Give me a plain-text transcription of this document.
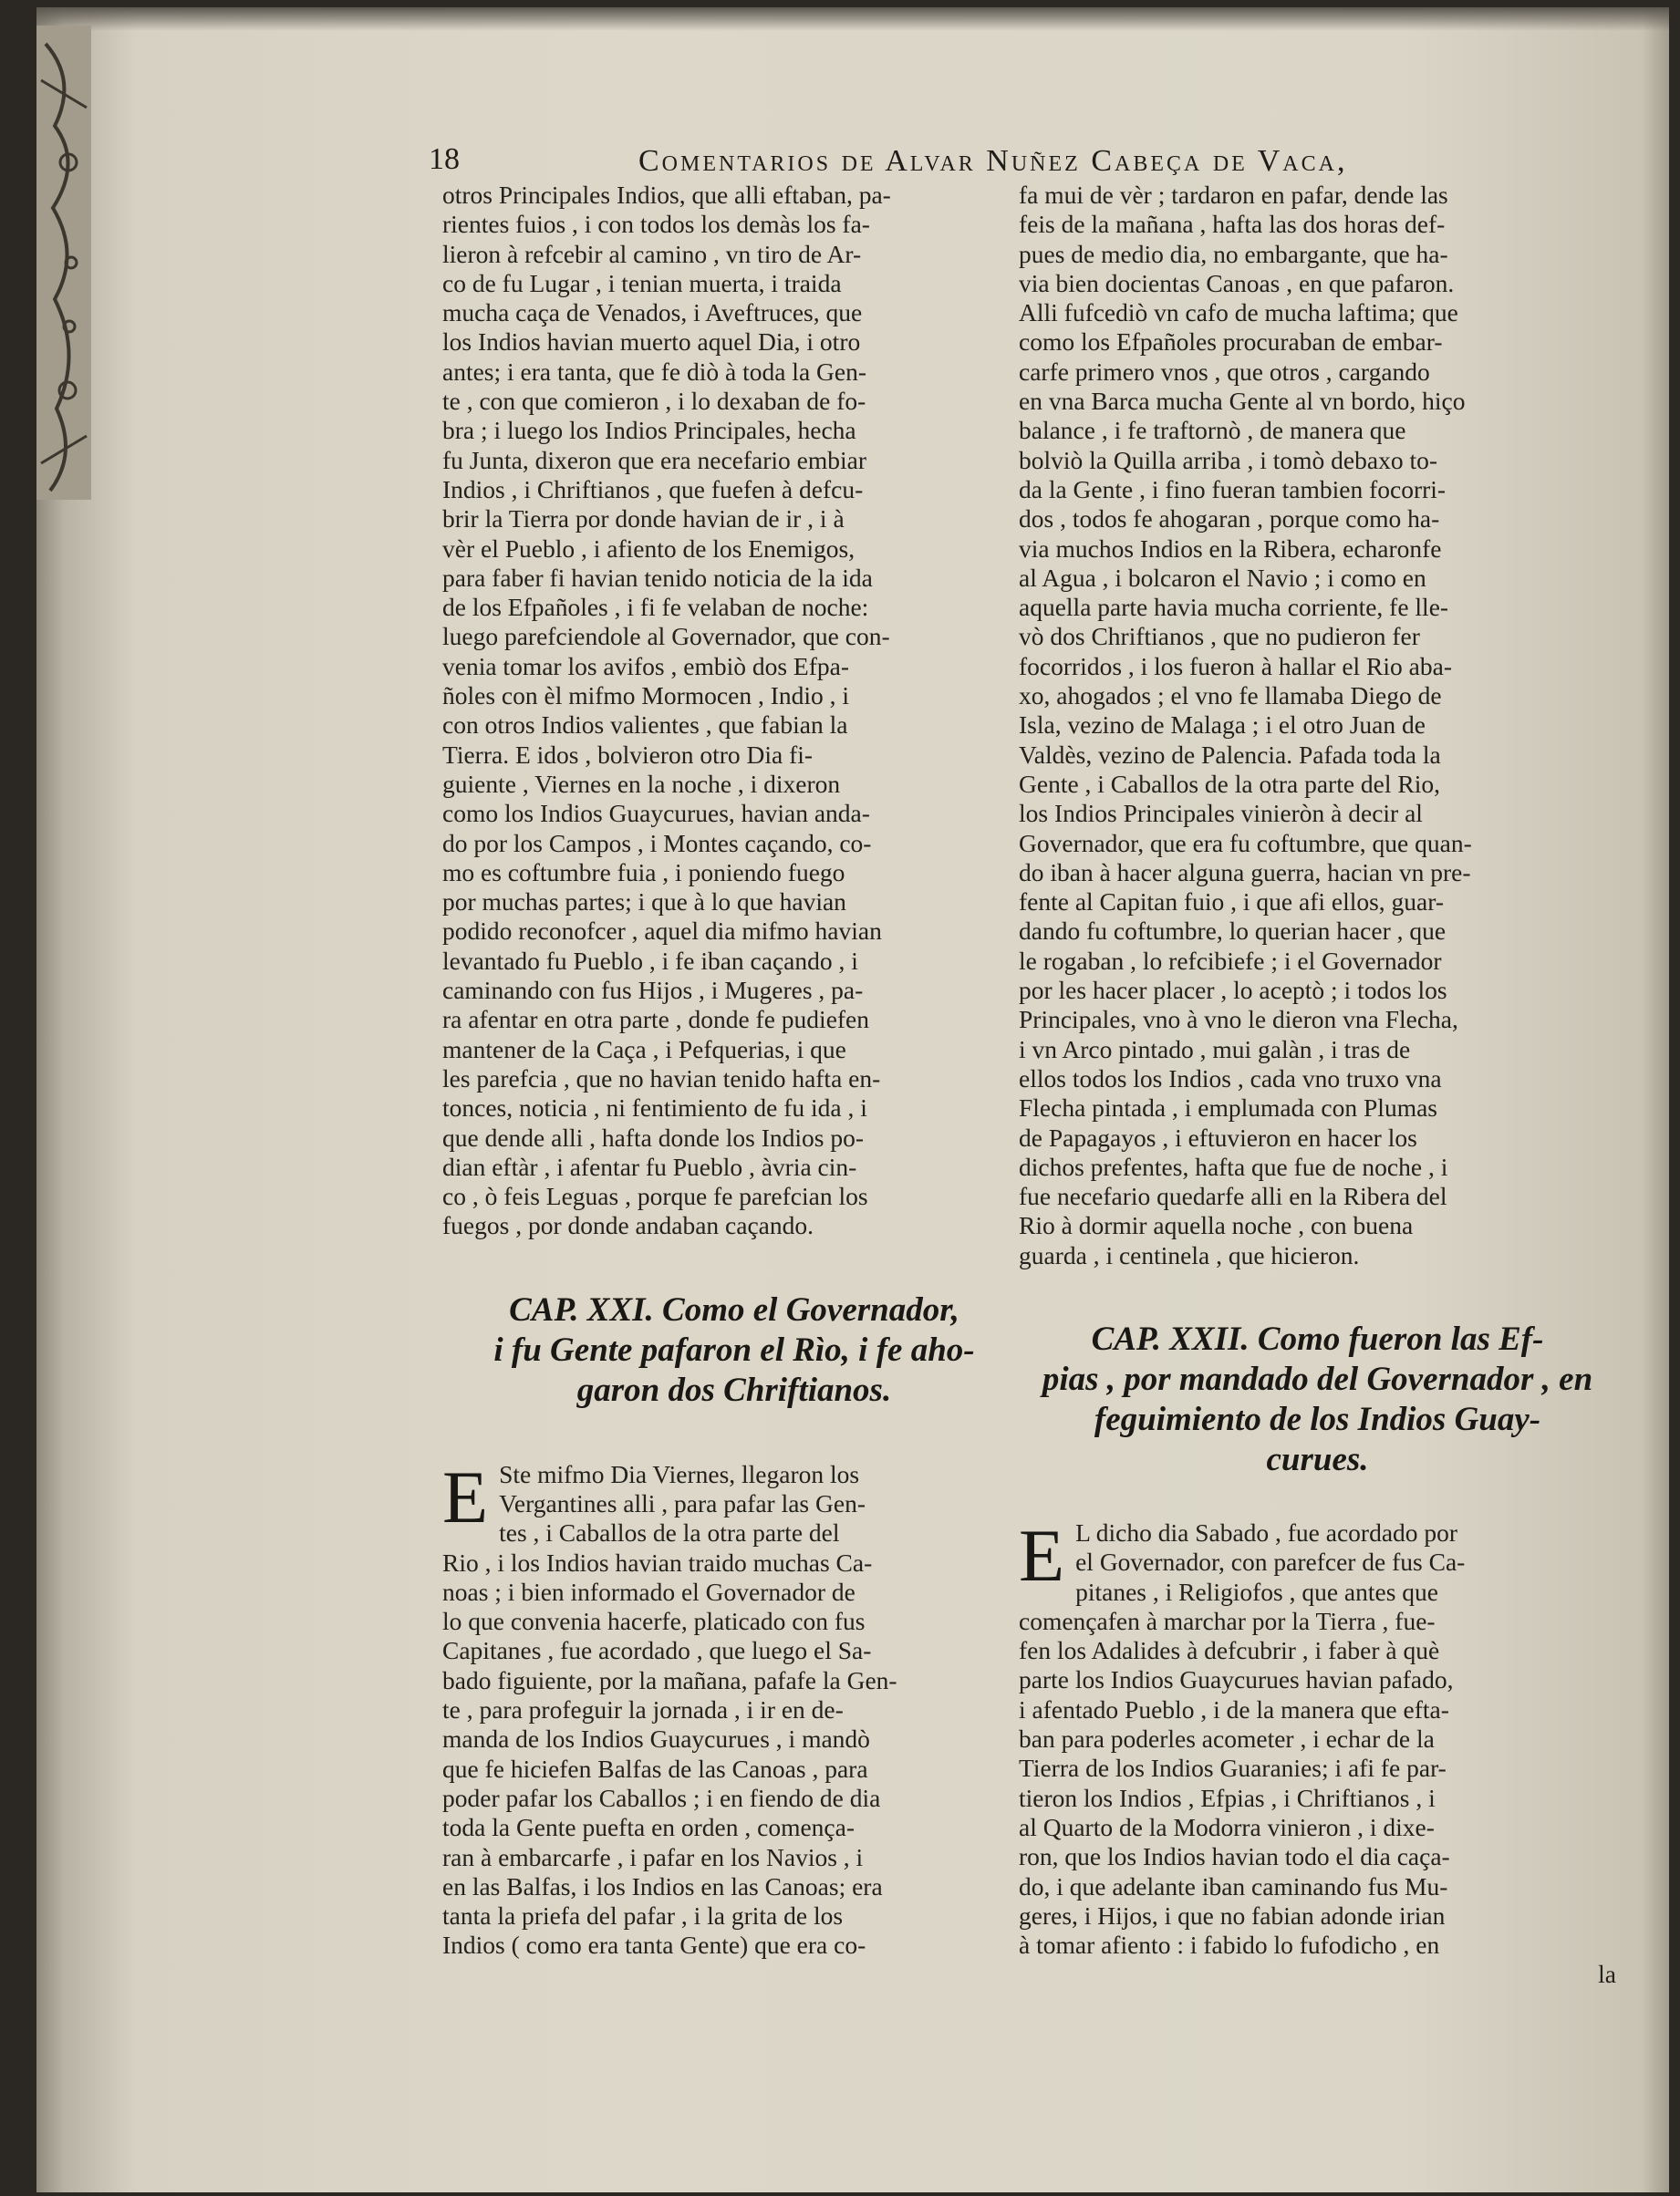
18	Comentarios de Alvar Nuñez Cabeça de Vaca,
otros Principales Indios, que alli eftaban, pa-
rientes fuios , i con todos los demàs los fa-
lieron à refcebir al camino , vn tiro de Ar-
co de fu Lugar , i tenian muerta, i traida
mucha caça de Venados, i Aveftruces, que
los Indios havian muerto aquel Dia, i otro
antes; i era tanta, que fe diò à toda la Gen-
te , con que comieron , i lo dexaban de fo-
bra ; i luego los Indios Principales, hecha
fu Junta, dixeron que era necefario embiar
Indios , i Chriftianos , que fuefen à defcu-
brir la Tierra por donde havian de ir , i à
vèr el Pueblo , i afiento de los Enemigos,
para faber fi havian tenido noticia de la ida
de los Efpañoles , i fi fe velaban de noche:
luego parefciendole al Governador, que con-
venia tomar los avifos , embiò dos Efpa-
ñoles con èl mifmo Mormocen , Indio , i
con otros Indios valientes , que fabian la
Tierra. E idos , bolvieron otro Dia fi-
guiente , Viernes en la noche , i dixeron
como los Indios Guaycurues, havian anda-
do por los Campos , i Montes caçando, co-
mo es coftumbre fuia , i poniendo fuego
por muchas partes; i que à lo que havian
podido reconofcer , aquel dia mifmo havian
levantado fu Pueblo , i fe iban caçando , i
caminando con fus Hijos , i Mugeres , pa-
ra afentar en otra parte , donde fe pudiefen
mantener de la Caça , i Pefquerias, i que
les parefcia , que no havian tenido hafta en-
tonces, noticia , ni fentimiento de fu ida , i
que dende alli , hafta donde los Indios po-
dian eftàr , i afentar fu Pueblo , àvria cin-
co , ò feis Leguas , porque fe parefcian los
fuegos , por donde andaban caçando.
CAP. XXI. Como el Governador,
i fu Gente pafaron el Rìo, i fe aho-
garon dos Chriftianos.
E Ste mifmo Dia Viernes, llegaron los
Vergantines alli , para pafar las Gen-
tes , i Caballos de la otra parte del
Rio , i los Indios havian traido muchas Ca-
noas ; i bien informado el Governador de
lo que convenia hacerfe, platicado con fus
Capitanes , fue acordado , que luego el Sa-
bado figuiente, por la mañana, pafafe la Gen-
te , para profeguir la jornada , i ir en de-
manda de los Indios Guaycurues , i mandò
que fe hiciefen Balfas de las Canoas , para
poder pafar los Caballos ; i en fiendo de dia
toda la Gente puefta en orden , comença-
ran à embarcarfe , i pafar en los Navios , i
en las Balfas, i los Indios en las Canoas; era
tanta la priefa del pafar , i la grita de los
Indios ( como era tanta Gente) que era co-
fa mui de vèr ; tardaron en pafar, dende las
feis de la mañana , hafta las dos horas def-
pues de medio dia, no embargante, que ha-
via bien docientas Canoas , en que pafaron.
Alli fufcediò vn cafo de mucha laftima; que
como los Efpañoles procuraban de embar-
carfe primero vnos , que otros , cargando
en vna Barca mucha Gente al vn bordo, hiço
balance , i fe traftornò , de manera que
bolviò la Quilla arriba , i tomò debaxo to-
da la Gente , i fino fueran tambien focorri-
dos , todos fe ahogaran , porque como ha-
via muchos Indios en la Ribera, echaronfe
al Agua , i bolcaron el Navio ; i como en
aquella parte havia mucha corriente, fe lle-
vò dos Chriftianos , que no pudieron fer
focorridos , i los fueron à hallar el Rio aba-
xo, ahogados ; el vno fe llamaba Diego de
Isla, vezino de Malaga ; i el otro Juan de
Valdès, vezino de Palencia. Pafada toda la
Gente , i Caballos de la otra parte del Rio,
los Indios Principales vinieròn à decir al
Governador, que era fu coftumbre, que quan-
do iban à hacer alguna guerra, hacian vn pre-
fente al Capitan fuio , i que afi ellos, guar-
dando fu coftumbre, lo querian hacer , que
le rogaban , lo refcibiefe ; i el Governador
por les hacer placer , lo aceptò ; i todos los
Principales, vno à vno le dieron vna Flecha,
i vn Arco pintado , mui galàn , i tras de
ellos todos los Indios , cada vno truxo vna
Flecha pintada , i emplumada con Plumas
de Papagayos , i eftuvieron en hacer los
dichos prefentes, hafta que fue de noche , i
fue necefario quedarfe alli en la Ribera del
Rio à dormir aquella noche , con buena
guarda , i centinela , que hicieron.
CAP. XXII. Como fueron las Ef-
pias , por mandado del Governador , en
feguimiento de los Indios Guay-
curues.
E L dicho dia Sabado , fue acordado por
el Governador, con parefcer de fus Ca-
pitanes , i Religiofos , que antes que
començafen à marchar por la Tierra , fue-
fen los Adalides à defcubrir , i faber à què
parte los Indios Guaycurues havian pafado,
i afentado Pueblo , i de la manera que efta-
ban para poderles acometer , i echar de la
Tierra de los Indios Guaranies; i afi fe par-
tieron los Indios , Efpias , i Chriftianos , i
al Quarto de la Modorra vinieron , i dixe-
ron, que los Indios havian todo el dia caça-
do, i que adelante iban caminando fus Mu-
geres, i Hijos, i que no fabian adonde irian
à tomar afiento : i fabido lo fufodicho , en
la
